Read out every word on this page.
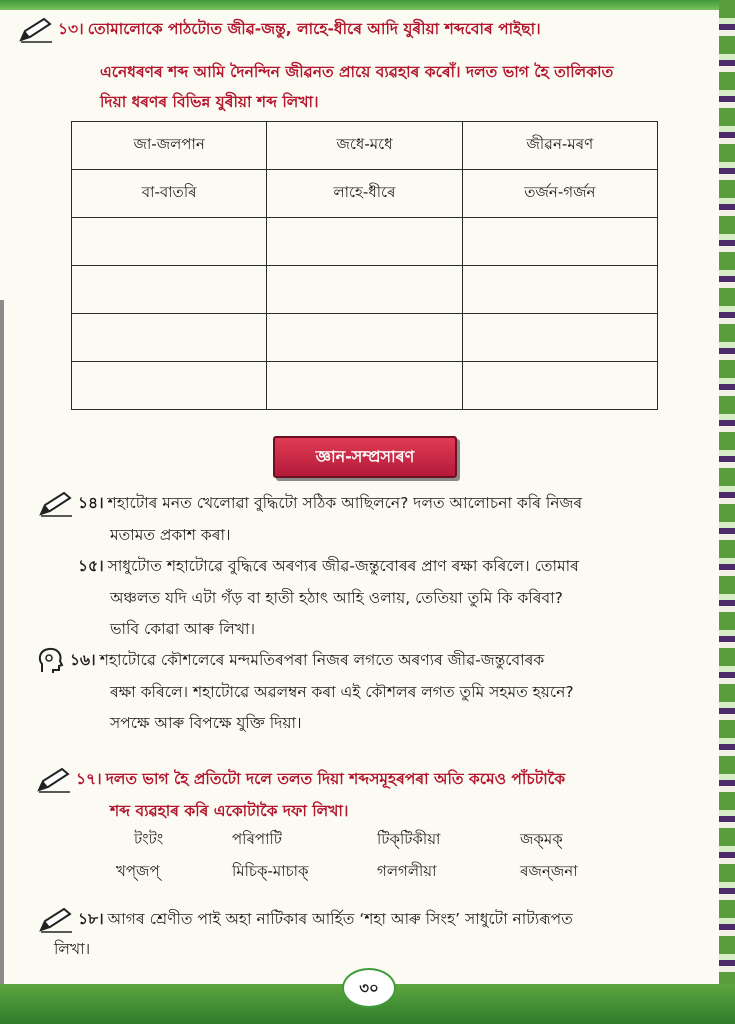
১৩। তোমালোকে পাঠটোত জীৱ-জন্তু, লাহে-ধীৰে আদি যুৰীয়া শব্দবোৰ পাইছা।
এনেধৰণৰ শব্দ আমি দৈনন্দিন জীৱনত প্ৰায়ে ব্যৱহাৰ কৰোঁ। দলত ভাগ হৈ তালিকাত
দিয়া ধৰণৰ বিভিন্ন যুৰীয়া শব্দ লিখা।
জা-জলপান	জধে-মধে	জীৱন-মৰণ
বা-বাতৰি	লাহে-ধীৰে	তৰ্জন-গৰ্জন

জ্ঞান-সম্প্ৰসাৰণ
১৪। শহাটোৰ মনত খেলোৱা বুদ্ধিটো সঠিক আছিলনে? দলত আলোচনা কৰি নিজৰ
মতামত প্ৰকাশ কৰা।
১৫। সাধুটোত শহাটোৱে বুদ্ধিৰে অৰণ্যৰ জীৱ-জন্তুবোৰৰ প্ৰাণ ৰক্ষা কৰিলে। তোমাৰ
অঞ্চলত যদি এটা গঁড় বা হাতী হঠাৎ আহি ওলায়, তেতিয়া তুমি কি কৰিবা?
ভাবি কোৱা আৰু লিখা।
১৬। শহাটোৱে কৌশলেৰে মন্দমতিৰপৰা নিজৰ লগতে অৰণ্যৰ জীৱ-জন্তুবোৰক
ৰক্ষা কৰিলে। শহাটোৱে অৱলম্বন কৰা এই কৌশলৰ লগত তুমি সহমত হয়নে?
সপক্ষে আৰু বিপক্ষে যুক্তি দিয়া।
১৭। দলত ভাগ হৈ প্ৰতিটো দলে তলত দিয়া শব্দসমূহৰপৰা অতি কমেও পাঁচটাকৈ
শব্দ ব্যৱহাৰ কৰি একোটাকৈ দফা লিখা।
টংটং	পৰিপাটি	টিক্‌টিকীয়া	জক্‌মক্
খপ্‌জপ্	মিচিক্‌-মাচাক্	গলগলীয়া	ৰজন্‌জনা
১৮। আগৰ শ্ৰেণীত পাই অহা নাটিকাৰ আৰ্হিত ‘শহা আৰু সিংহ’ সাধুটো নাট্যৰূপত
লিখা।
৩০
